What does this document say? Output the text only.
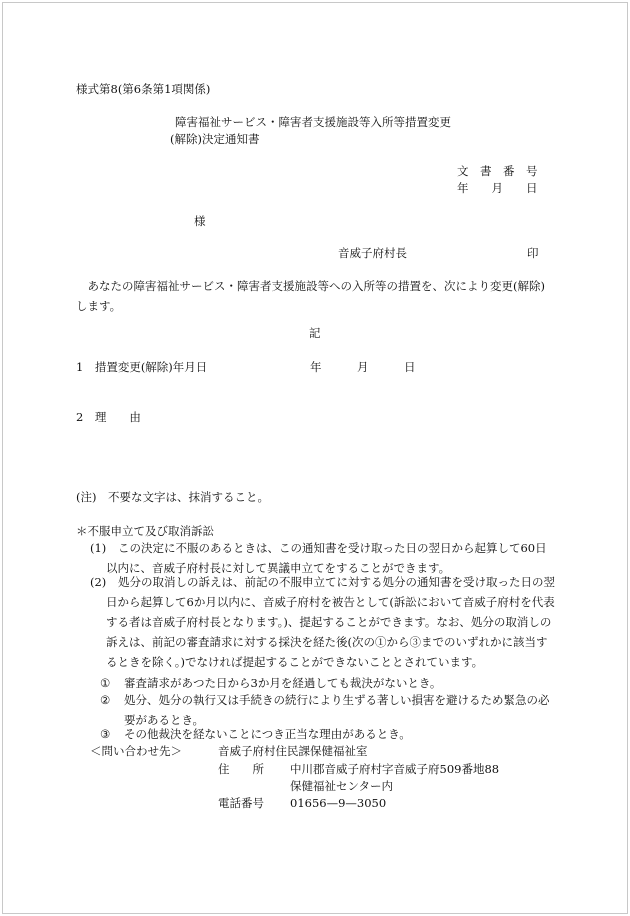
様式第8(第6条第1項関係)
障害福祉サービス・障害者支援施設等入所等措置変更
(解除)決定通知書
文　書　番　号
年　　月　　日
様
音威子府村長	印
　あなたの障害福祉サービス・障害者支援施設等への入所等の措置を、次により変更(解除)します。
記
1　措置変更(解除)年月日	年	月	日
2　理　　由
(注)　不要な文字は、抹消すること。
＊不服申立て及び取消訴訟
(1)	この決定に不服のあるときは、この通知書を受け取った日の翌日から起算して60日以内に、音威子府村長に対して異議申立てをすることができます。
(2)	処分の取消しの訴えは、前記の不服申立てに対する処分の通知書を受け取った日の翌日から起算して6か月以内に、音威子府村を被告として(訴訟において音威子府村を代表する者は音威子府村長となります。)、提起することができます。なお、処分の取消しの訴えは、前記の審査請求に対する採決を経た後(次の①から③までのいずれかに該当するときを除く。)でなければ提起することができないこととされています。
① 審査請求があつた日から3か月を経過しても裁決がないとき。
② 処分、処分の執行又は手続きの続行により生ずる著しい損害を避けるため緊急の必要があるとき。
③ その他裁決を経ないことにつき正当な理由があるとき。
＜問い合わせ先＞	音威子府村住民課保健福祉室
住　　所 中川郡音威子府村字音威子府509番地88
保健福祉センター内
電話番号 01656—9—3050
